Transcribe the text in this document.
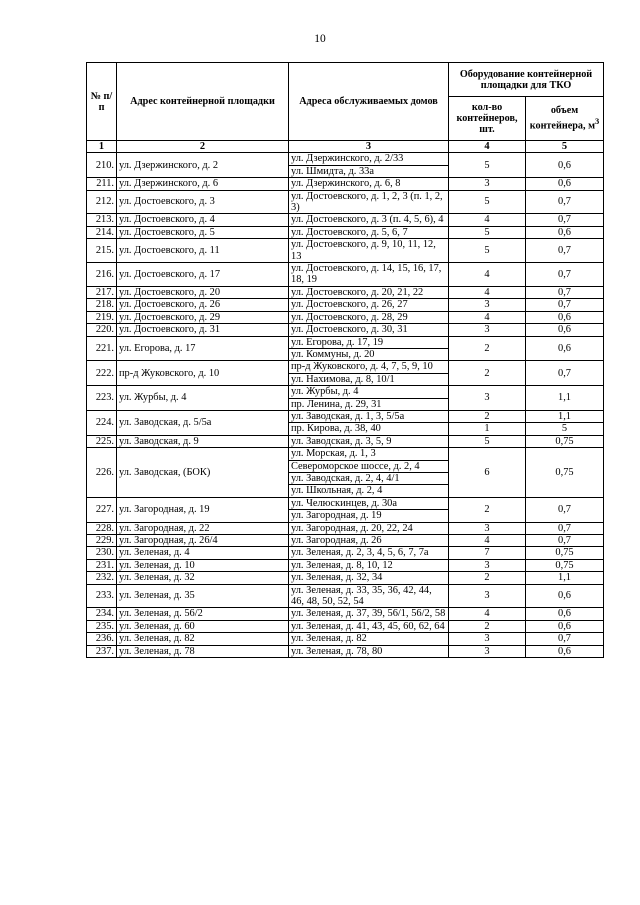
10
№ п/п	Адрес контейнерной площадки	Адреса обслуживаемых домов	Оборудование контейнерной площадки для ТКО	
			кол-во контейнеров, шт.	объем контейнера, $м^3$
1	2	3	4	5
210.	ул. Дзержинского, д. 2	ул. Дзержинского, д. 2/33	5	0,6
		ул. Шмидта, д. 33а		
211.	ул. Дзержинского, д. 6	ул. Дзержинского, д. 6, 8	3	0,6
212.	ул. Достоевского, д. 3	ул. Достоевского, д. 1, 2, 3 (п. 1, 2, 3)	5	0,7
213.	ул. Достоевского, д. 4	ул. Достоевского, д. 3 (п. 4, 5, 6), 4	4	0,7
214.	ул. Достоевского, д. 5	ул. Достоевского, д. 5, 6, 7	5	0,6
215.	ул. Достоевского, д. 11	ул. Достоевского, д. 9, 10, 11, 12, 13	5	0,7
216.	ул. Достоевского, д. 17	ул. Достоевского, д. 14, 15, 16, 17, 18, 19	4	0,7
217.	ул. Достоевского, д. 20	ул. Достоевского, д. 20, 21, 22	4	0,7
218.	ул. Достоевского, д. 26	ул. Достоевского, д. 26, 27	3	0,7
219.	ул. Достоевского, д. 29	ул. Достоевского, д. 28, 29	4	0,6
220.	ул. Достоевского, д. 31	ул. Достоевского, д. 30, 31	3	0,6
221.	ул. Егорова, д. 17	ул. Егорова, д. 17, 19	2	0,6
		ул. Коммуны, д. 20		
222.	пр-д Жуковского, д. 10	пр-д Жуковского, д. 4, 7, 5, 9, 10	2	0,7
		ул. Нахимова, д. 8, 10/1		
223.	ул. Журбы, д. 4	ул. Журбы, д. 4	3	1,1
		пр. Ленина, д. 29, 31		
224.	ул. Заводская, д. 5/5а	ул. Заводская, д. 1, 3, 5/5а	2	1,1
		пр. Кирова, д. 38, 40	1	5
225.	ул. Заводская, д. 9	ул. Заводская, д. 3, 5, 9	5	0,75
226.	ул. Заводская, (БОК)	ул. Морская, д. 1, 3	6	0,75
		Североморское шоссе, д. 2, 4		
		ул. Заводская, д. 2, 4, 4/1		
		ул. Школьная, д. 2, 4		
227.	ул. Загородная, д. 19	ул. Челюскинцев, д. 30а	2	0,7
		ул. Загородная, д. 19		
228.	ул. Загородная, д. 22	ул. Загородная, д. 20, 22, 24	3	0,7
229.	ул. Загородная, д. 26/4	ул. Загородная, д. 26	4	0,7
230.	ул. Зеленая, д. 4	ул. Зеленая, д. 2, 3, 4, 5, 6, 7, 7а	7	0,75
231.	ул. Зеленая, д. 10	ул. Зеленая, д. 8, 10, 12	3	0,75
232.	ул. Зеленая, д. 32	ул. Зеленая, д. 32, 34	2	1,1
233.	ул. Зеленая, д. 35	ул. Зеленая, д. 33, 35, 36, 42, 44, 46, 48, 50, 52, 54	3	0,6
234.	ул. Зеленая, д. 56/2	ул. Зеленая, д. 37, 39, 56/1, 56/2, 58	4	0,6
235.	ул. Зеленая, д. 60	ул. Зеленая, д. 41, 43, 45, 60, 62, 64	2	0,6
236.	ул. Зеленая, д. 82	ул. Зеленая, д. 82	3	0,7
237.	ул. Зеленая, д. 78	ул. Зеленая, д. 78, 80	3	0,6
